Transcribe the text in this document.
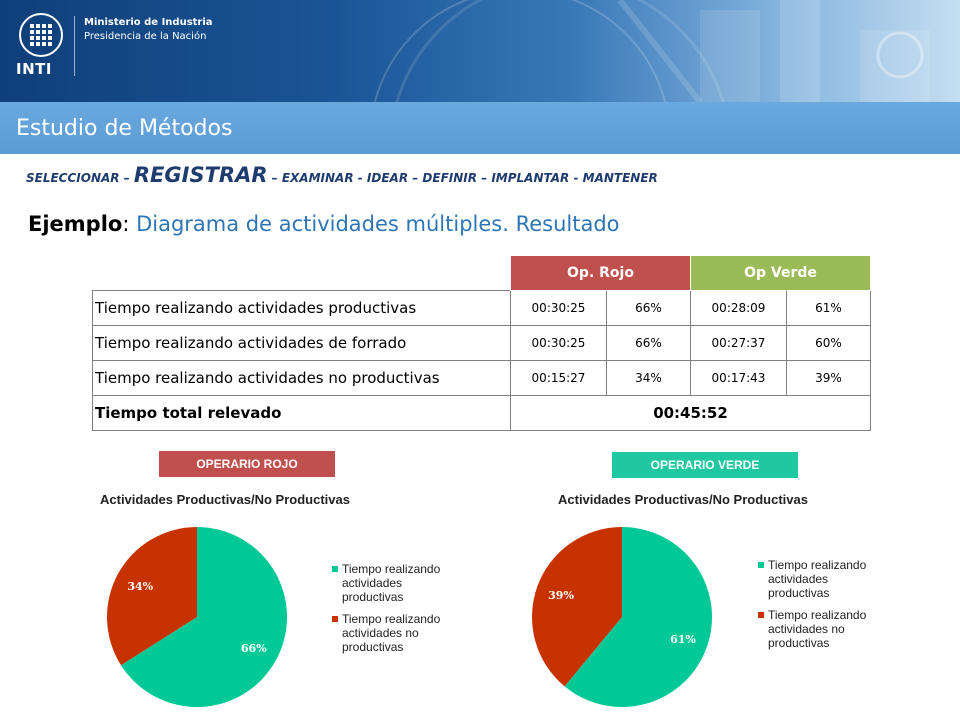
INTI
Ministerio de Industria
Presidencia de la Nación
Estudio de Métodos
SELECCIONAR – REGISTRAR – EXAMINAR - IDEAR – DEFINIR – IMPLANTAR - MANTENER
Ejemplo: Diagrama de actividades múltiples. Resultado
	Op. Rojo		Op Verde	
Tiempo realizando actividades productivas	00:30:25	66%	00:28:09	61%
Tiempo realizando actividades de forrado	00:30:25	66%	00:27:37	60%
Tiempo realizando actividades no productivas	00:15:27	34%	00:17:43	39%
Tiempo total relevado	00:45:52			
OPERARIO ROJO	OPERARIO VERDE
Actividades Productivas/No Productivas	Actividades Productivas/No Productivas
66%
34%
61%
39%
Tiempo realizando actividades productivas
Tiempo realizando actividades no productivas
Tiempo realizando actividades productivas
Tiempo realizando actividades no productivas
